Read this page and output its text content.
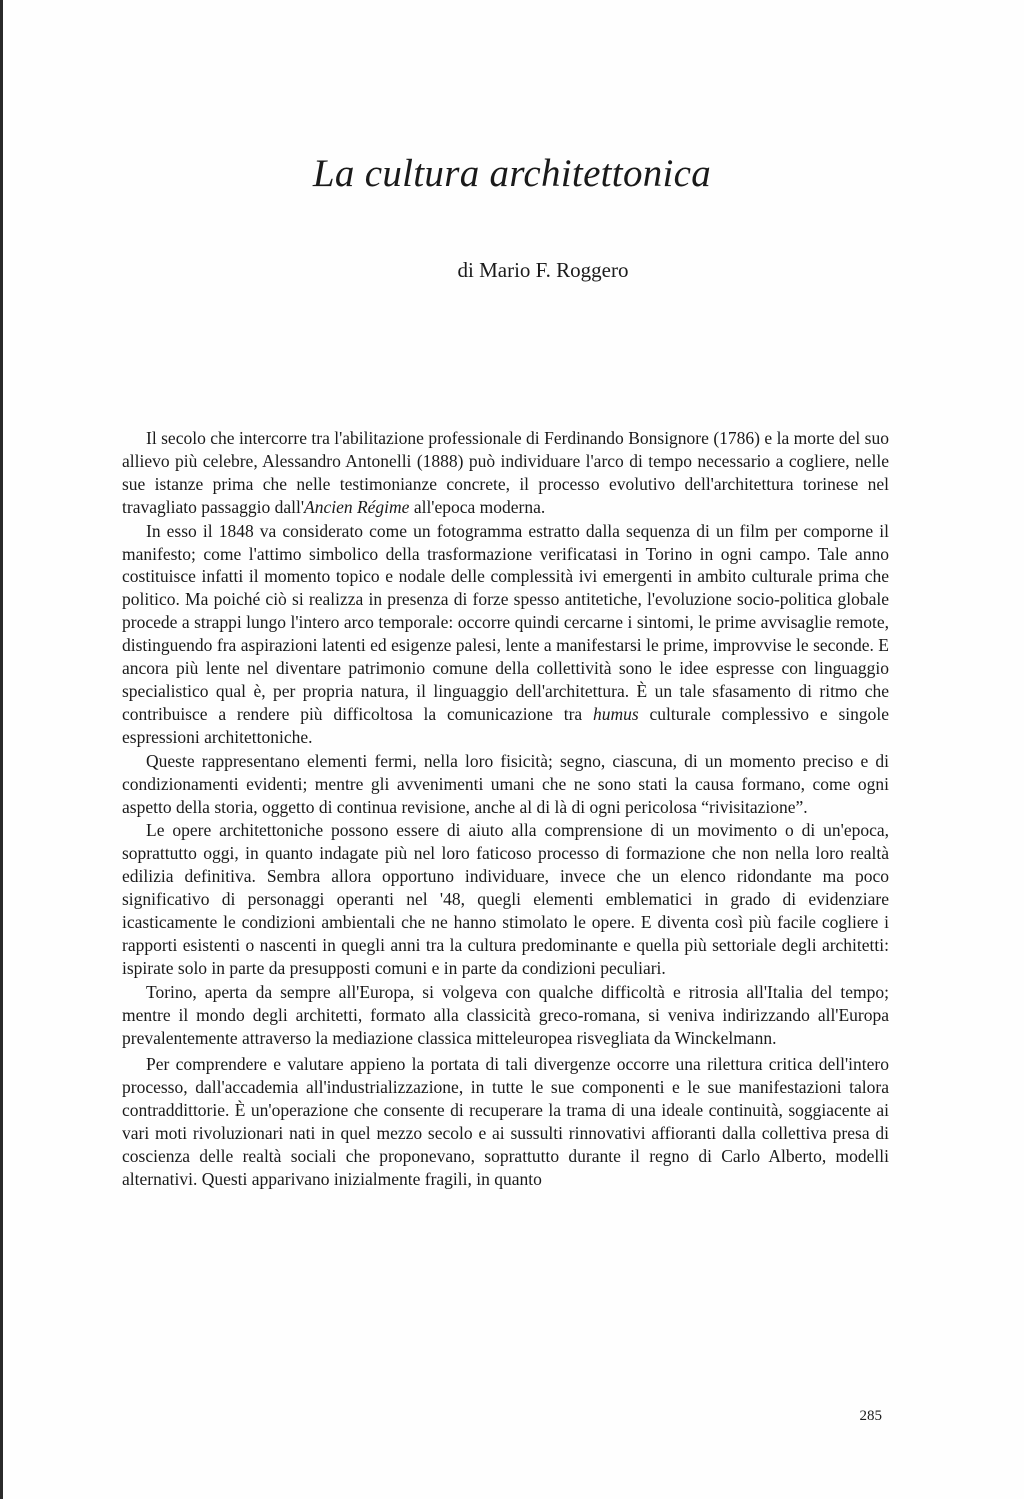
La cultura architettonica

di Mario F. Roggero

Il secolo che intercorre tra l'abilitazione professionale di Ferdinando Bonsignore (1786) e la morte del suo allievo più celebre, Alessandro Antonelli (1888) può individuare l'arco di tempo necessario a cogliere, nelle sue istanze prima che nelle testimonianze concrete, il processo evolutivo dell'architettura torinese nel travagliato passaggio dall'Ancien Régime all'epoca moderna.

In esso il 1848 va considerato come un fotogramma estratto dalla sequenza di un film per comporne il manifesto; come l'attimo simbolico della trasformazione verificatasi in Torino in ogni campo. Tale anno costituisce infatti il momento topico e nodale delle complessità ivi emergenti in ambito culturale prima che politico. Ma poiché ciò si realizza in presenza di forze spesso antitetiche, l'evoluzione socio-politica globale procede a strappi lungo l'intero arco temporale: occorre quindi cercarne i sintomi, le prime avvisaglie remote, distinguendo fra aspirazioni latenti ed esigenze palesi, lente a manifestarsi le prime, improvvise le seconde. E ancora più lente nel diventare patrimonio comune della collettività sono le idee espresse con linguaggio specialistico qual è, per propria natura, il linguaggio dell'architettura. È un tale sfasamento di ritmo che contribuisce a rendere più difficoltosa la comunicazione tra humus culturale complessivo e singole espressioni architettoniche.

Queste rappresentano elementi fermi, nella loro fisicità; segno, ciascuna, di un momento preciso e di condizionamenti evidenti; mentre gli avvenimenti umani che ne sono stati la causa formano, come ogni aspetto della storia, oggetto di continua revisione, anche al di là di ogni pericolosa “rivisitazione”.

Le opere architettoniche possono essere di aiuto alla comprensione di un movimento o di un'epoca, soprattutto oggi, in quanto indagate più nel loro faticoso processo di formazione che non nella loro realtà edilizia definitiva. Sembra allora opportuno individuare, invece che un elenco ridondante ma poco significativo di personaggi operanti nel '48, quegli elementi emblematici in grado di evidenziare icasticamente le condizioni ambientali che ne hanno stimolato le opere. E diventa così più facile cogliere i rapporti esistenti o nascenti in quegli anni tra la cultura predominante e quella più settoriale degli architetti: ispirate solo in parte da presupposti comuni e in parte da condizioni peculiari.

Torino, aperta da sempre all'Europa, si volgeva con qualche difficoltà e ritrosia all'Italia del tempo; mentre il mondo degli architetti, formato alla classicità greco-romana, si veniva indirizzando all'Europa prevalentemente attraverso la mediazione classica mitteleuropea risvegliata da Winckelmann.

Per comprendere e valutare appieno la portata di tali divergenze occorre una rilettura critica dell'intero processo, dall'accademia all'industrializzazione, in tutte le sue componenti e le sue manifestazioni talora contraddittorie. È un'operazione che consente di recuperare la trama di una ideale continuità, soggiacente ai vari moti rivoluzionari nati in quel mezzo secolo e ai sussulti rinnovativi affioranti dalla collettiva presa di coscienza delle realtà sociali che proponevano, soprattutto durante il regno di Carlo Alberto, modelli alternativi. Questi apparivano inizialmente fragili, in quanto

285
